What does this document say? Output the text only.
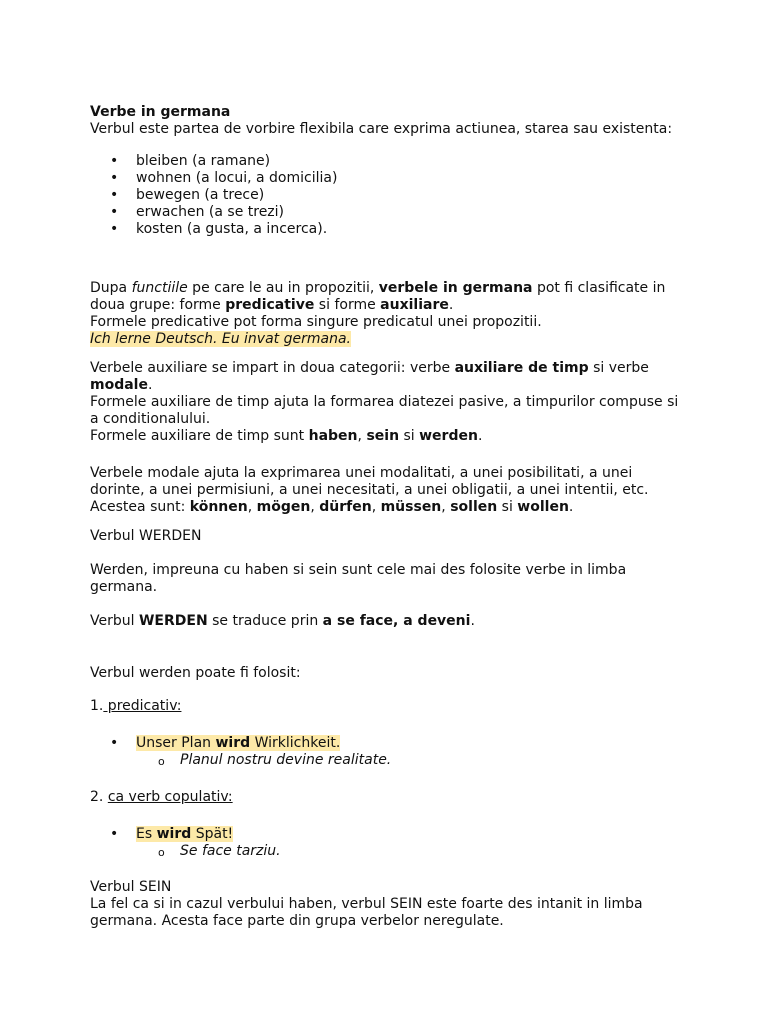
Verbe in germana

Verbul este partea de vorbire flexibila care exprima actiunea, starea sau existenta:

• bleiben (a ramane)
• wohnen (a locui, a domicilia)
• bewegen (a trece)
• erwachen (a se trezi)
• kosten (a gusta, a incerca).

Dupa functiile pe care le au in propozitii, verbele in germana pot fi clasificate in doua grupe: forme predicative si forme auxiliare.

Formele predicative pot forma singure predicatul unei propozitii.

Ich lerne Deutsch. Eu invat germana.

Verbele auxiliare se impart in doua categorii: verbe auxiliare de timp si verbe modale.

Formele auxiliare de timp ajuta la formarea diatezei pasive, a timpurilor compuse si a conditionalului.

Formele auxiliare de timp sunt haben, sein si werden.

Verbele modale ajuta la exprimarea unei modalitati, a unei posibilitati, a unei dorinte, a unei permisiuni, a unei necesitati, a unei obligatii, a unei intentii, etc. Acestea sunt: können, mögen, dürfen, müssen, sollen si wollen.

Verbul WERDEN

Werden, impreuna cu haben si sein sunt cele mai des folosite verbe in limba germana.

Verbul WERDEN se traduce prin a se face, a deveni.

Verbul werden poate fi folosit:

1. predicativ:

• Unser Plan wird Wirklichkeit.
o Planul nostru devine realitate.

2. ca verb copulativ:

• Es wird Spät!
o Se face tarziu.

Verbul SEIN

La fel ca si in cazul verbului haben, verbul SEIN este foarte des intanit in limba germana. Acesta face parte din grupa verbelor neregulate.
